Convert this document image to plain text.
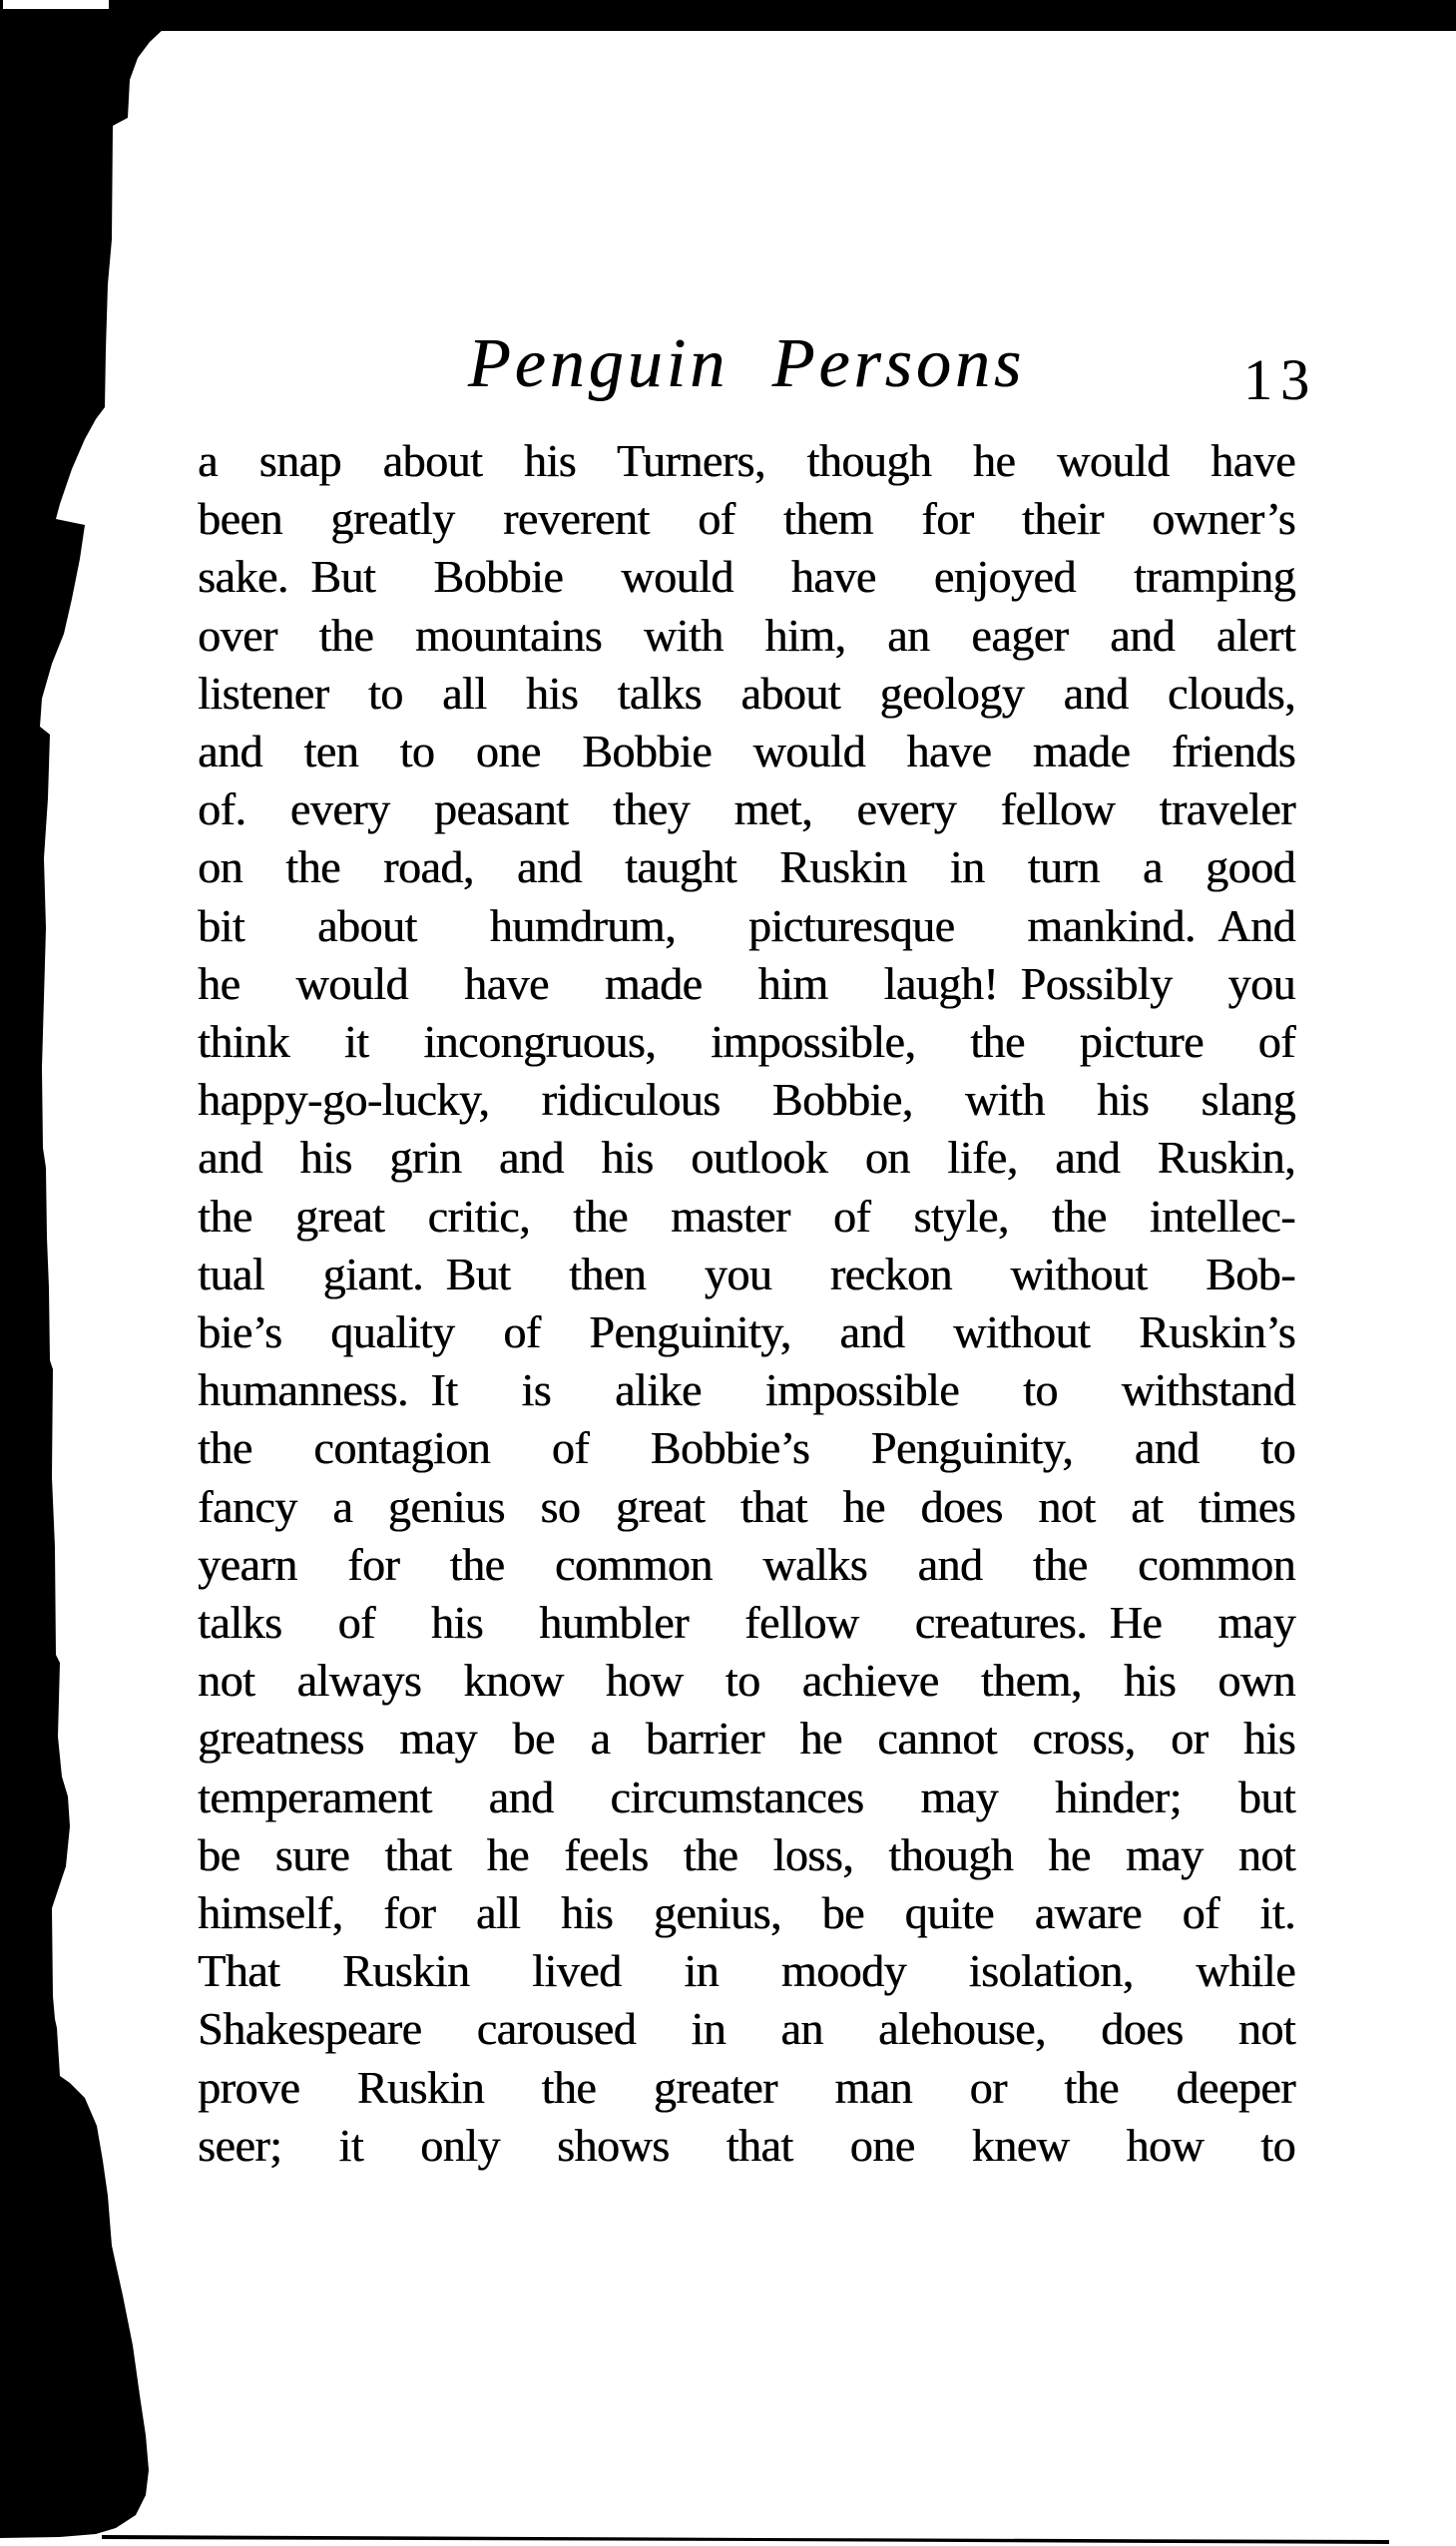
Penguin Persons	13
a snap about his Turners, though he would have
been greatly reverent of them for their owner’s
sake. But Bobbie would have enjoyed tramping
over the mountains with him, an eager and alert
listener to all his talks about geology and clouds,
and ten to one Bobbie would have made friends
of. every peasant they met, every fellow traveler
on the road, and taught Ruskin in turn a good
bit about humdrum, picturesque mankind. And
he would have made him laugh! Possibly you
think it incongruous, impossible, the picture of
happy-go-lucky, ridiculous Bobbie, with his slang
and his grin and his outlook on life, and Ruskin,
the great critic, the master of style, the intellec-
tual giant. But then you reckon without Bob-
bie’s quality of Penguinity, and without Ruskin’s
humanness. It is alike impossible to withstand
the contagion of Bobbie’s Penguinity, and to
fancy a genius so great that he does not at times
yearn for the common walks and the common
talks of his humbler fellow creatures. He may
not always know how to achieve them, his own
greatness may be a barrier he cannot cross, or his
temperament and circumstances may hinder; but
be sure that he feels the loss, though he may not
himself, for all his genius, be quite aware of it.
That Ruskin lived in moody isolation, while
Shakespeare caroused in an alehouse, does not
prove Ruskin the greater man or the deeper
seer; it only shows that one knew how to
